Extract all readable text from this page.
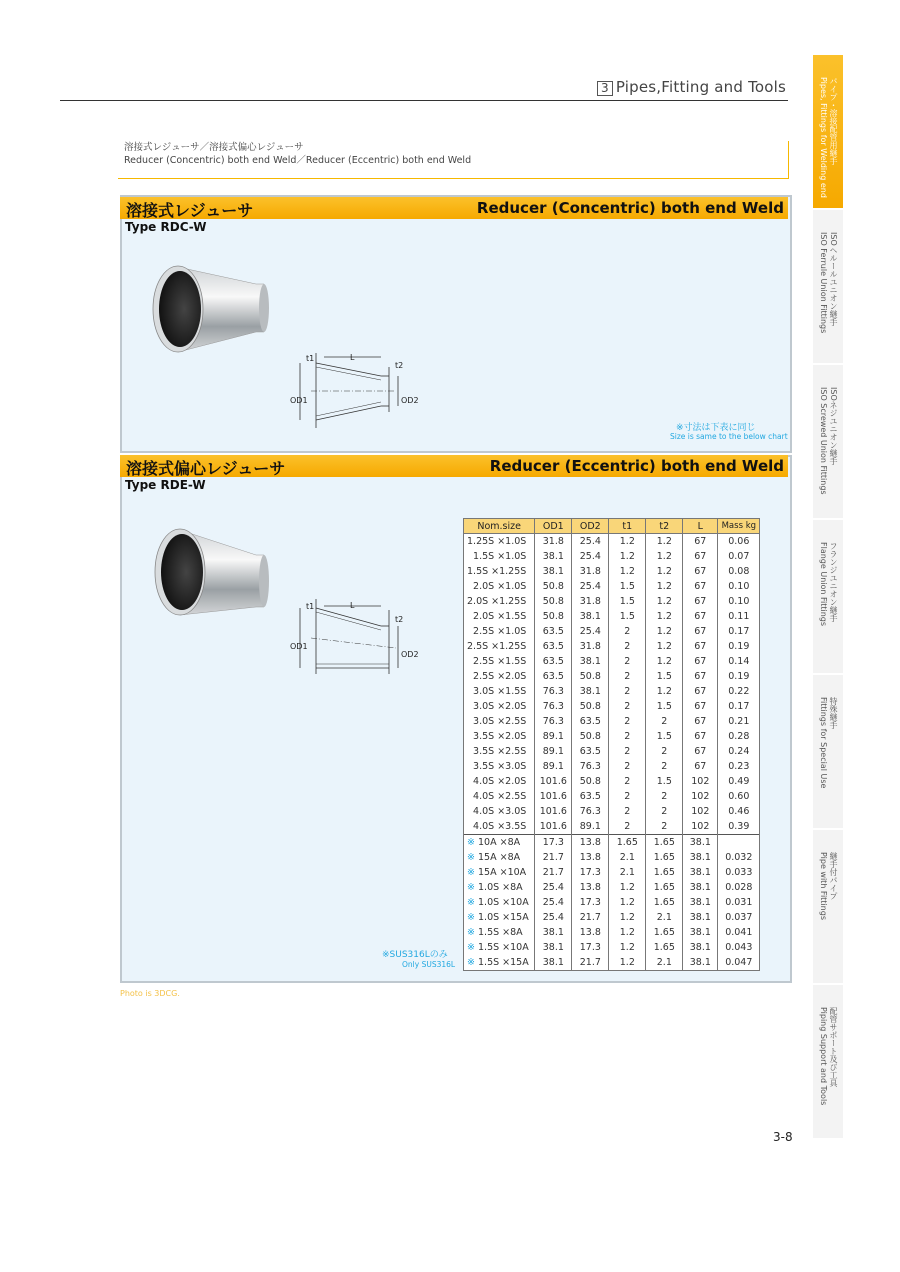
3 Pipes,Fitting and Tools
溶接式レジューサ／溶接式偏心レジューサ
Reducer (Concentric) both end Weld／Reducer (Eccentric) both end Weld
溶接式レジューサ	Reducer (Concentric) both end Weld
Type RDC-W
t1	L
t2
OD1	OD2
※寸法は下表に同じ
Size is same to the below chart
溶接式偏心レジューサ	Reducer (Eccentric) both end Weld
Type RDE-W
t1	L
t2
OD1
OD2
Nom.size	OD1	OD2	t1	t2	L	Mass kg
1.25S ×1.0S	31.8	25.4	1.2	1.2	67	0.06
1.5S ×1.0S	38.1	25.4	1.2	1.2	67	0.07
1.5S ×1.25S	38.1	31.8	1.2	1.2	67	0.08
2.0S ×1.0S	50.8	25.4	1.5	1.2	67	0.10
2.0S ×1.25S	50.8	31.8	1.5	1.2	67	0.10
2.0S ×1.5S	50.8	38.1	1.5	1.2	67	0.11
2.5S ×1.0S	63.5	25.4	2	1.2	67	0.17
2.5S ×1.25S	63.5	31.8	2	1.2	67	0.19
2.5S ×1.5S	63.5	38.1	2	1.2	67	0.14
2.5S ×2.0S	63.5	50.8	2	1.5	67	0.19
3.0S ×1.5S	76.3	38.1	2	1.2	67	0.22
3.0S ×2.0S	76.3	50.8	2	1.5	67	0.17
3.0S ×2.5S	76.3	63.5	2	2	67	0.21
3.5S ×2.0S	89.1	50.8	2	1.5	67	0.28
3.5S ×2.5S	89.1	63.5	2	2	67	0.24
3.5S ×3.0S	89.1	76.3	2	2	67	0.23
4.0S ×2.0S	101.6	50.8	2	1.5	102	0.49
4.0S ×2.5S	101.6	63.5	2	2	102	0.60
4.0S ×3.0S	101.6	76.3	2	2	102	0.46
4.0S ×3.5S	101.6	89.1	2	2	102	0.39
※ 10A ×8A	17.3	13.8	1.65	1.65	38.1	
※ 15A ×8A	21.7	13.8	2.1	1.65	38.1	0.032
※ 15A ×10A	21.7	17.3	2.1	1.65	38.1	0.033
※ 1.0S ×8A	25.4	13.8	1.2	1.65	38.1	0.028
※ 1.0S ×10A	25.4	17.3	1.2	1.65	38.1	0.031
※ 1.0S ×15A	25.4	21.7	1.2	2.1	38.1	0.037
※ 1.5S ×8A	38.1	13.8	1.2	1.65	38.1	0.041
※ 1.5S ×10A	38.1	17.3	1.2	1.65	38.1	0.043
※ 1.5S ×15A	38.1	21.7	1.2	2.1	38.1	0.047
※SUS316Lのみ
Only SUS316L
Photo is 3DCG.
3-8
パイプ・溶接配管用継手
Pipes, Fittings for Welding end
ISOヘルールユニオン継手
ISO Ferrule Union Fittings
ISOネジユニオン継手
ISO Screwed Union Fittings
フランジユニオン継手
Flange Union Fittings
特殊継手
Fittings for Special Use
継手付パイプ
Pipe with Fittings
配管サポート及び工具
Piping Support and Tools
